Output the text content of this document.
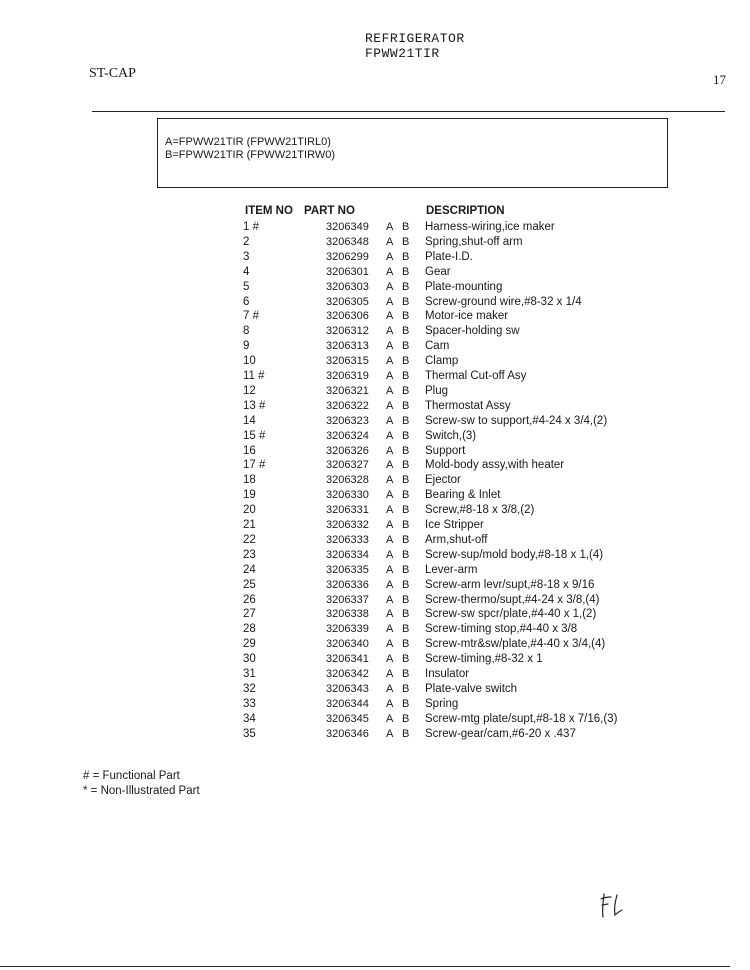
REFRIGERATOR
FPWW21TIR
ST-CAP	17
A=FPWW21TIR (FPWW21TIRL0)
B=FPWW21TIR (FPWW21TIRW0)
ITEM NO PART NO	DESCRIPTION
1 #	3206349 A B Harness-wiring,ice maker
2	3206348 A B Spring,shut-off arm
3	3206299 A B Plate-I.D.
4	3206301 A B Gear
5	3206303 A B Plate-mounting
6	3206305 A B Screw-ground wire,#8-32 x 1/4
7 #	3206306 A B Motor-ice maker
8	3206312 A B Spacer-holding sw
9	3206313 A B Cam
10	3206315 A B Clamp
11 #	3206319 A B Thermal Cut-off Asy
12	3206321 A B Plug
13 #	3206322 A B Thermostat Assy
14	3206323 A B Screw-sw to support,#4-24 x 3/4,(2)
15 #	3206324 A B Switch,(3)
16	3206326 A B Support
17 #	3206327 A B Mold-body assy,with heater
18	3206328 A B Ejector
19	3206330 A B Bearing & Inlet
20	3206331 A B Screw,#8-18 x 3/8,(2)
21	3206332 A B Ice Stripper
22	3206333 A B Arm,shut-off
23	3206334 A B Screw-sup/mold body,#8-18 x 1,(4)
24	3206335 A B Lever-arm
25	3206336 A B Screw-arm levr/supt,#8-18 x 9/16
26	3206337 A B Screw-thermo/supt,#4-24 x 3/8,(4)
27	3206338 A B Screw-sw spcr/plate,#4-40 x 1,(2)
28	3206339 A B Screw-timing stop,#4-40 x 3/8
29	3206340 A B Screw-mtr&sw/plate,#4-40 x 3/4,(4)
30	3206341 A B Screw-timing,#8-32 x 1
31	3206342 A B Insulator
32	3206343 A B Plate-valve switch
33	3206344 A B Spring
34	3206345 A B Screw-mtg plate/supt,#8-18 x 7/16,(3)
35	3206346 A B Screw-gear/cam,#6-20 x .437
# = Functional Part
* = Non-Illustrated Part
